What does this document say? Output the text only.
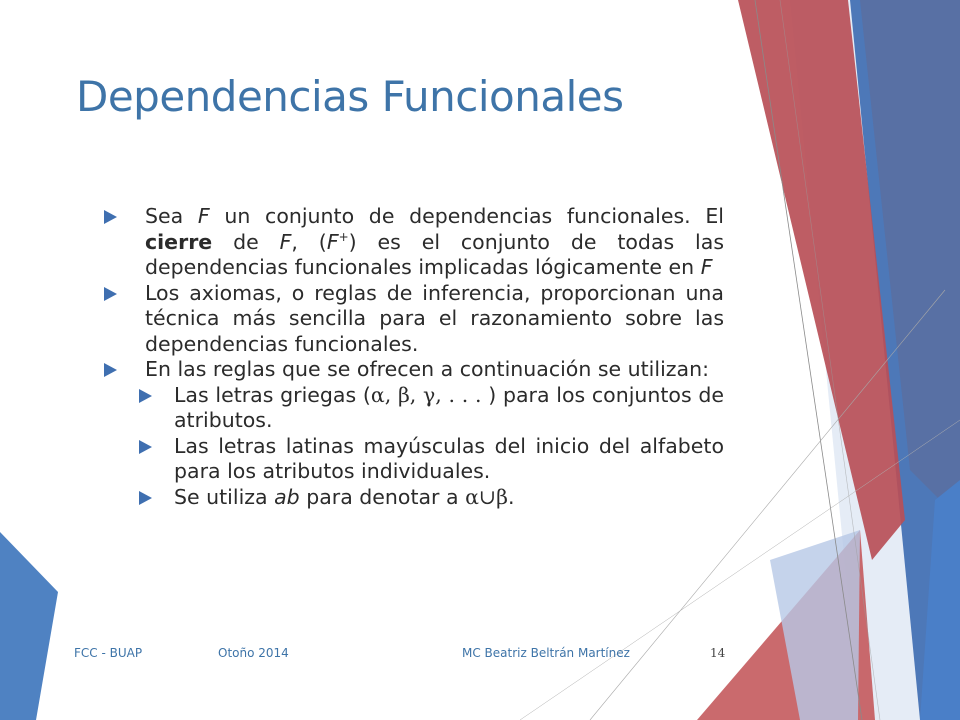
Dependencias Funcionales
Sea F un conjunto de dependencias funcionales. El cierre de F, (F+) es el conjunto de todas las dependencias funcionales implicadas lógicamente en F
Los axiomas, o reglas de inferencia, proporcionan una técnica más sencilla para el razonamiento sobre las dependencias funcionales.
En las reglas que se ofrecen a continuación se utilizan:
Las letras griegas (α, β, γ, . . . ) para los conjuntos de atributos.
Las letras latinas mayúsculas del inicio del alfabeto para los atributos individuales.
Se utiliza ab para denotar a α∪β.
FCC - BUAP	Otoño 2014	MC Beatriz Beltrán Martínez	14
